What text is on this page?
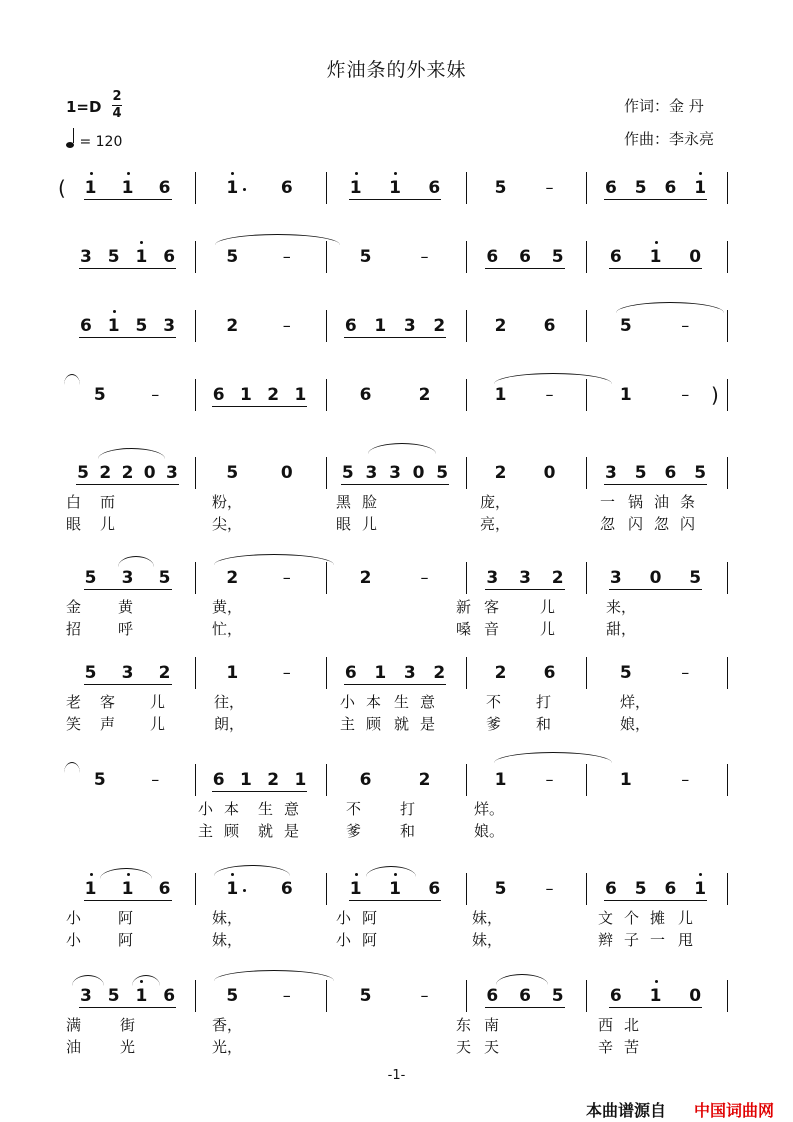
炸油条的外来妹
1=D
2
4
= 120
作词：金 丹
作曲：李永亮
1 1 6	1	6	1 1 6	5 –	6 5 6 1
3 5 1 6	5	–	5	–	6 6 5	6 1 0
6 1 5 3	2	–	6 1 3 2	2 6	5	–
5	–	6 1 2 1	6	2	1 –	1	–
5 2 2 0 3	5	0	5 3 3 0 5	2 0	3 5 6 5
5 3 5	2	–	2	–	3 3 2	3 0 5
5 3 2	1	–	6 1 3 2	2 6	5	–
5	–	6 1 2 1	6	2	1 –	1	–
1 1 6	1	6	1 1 6	5 –	6 5 6 1
3 5 1 6	5	–	5	–	6 6 5	6 1 0
(
)
白 而	粉，	黑 脸	庞，	一 锅 油 条
眼 儿	尖，	眼 儿	亮，	忽 闪 忽 闪
金 黄	黄，	新 客	儿	来，
招 呼	忙，	嗓 音	儿	甜，
老 客 儿	往，	小 本 生 意	不 打	烊，
笑 声 儿	朗，	主 顾 就 是	爹 和	娘，
小 本 生 意	不	打	烊。
主 顾 就 是	爹	和	娘。
小 阿	妹，	小 阿	妹，	文 个 摊 儿
小 阿	妹，	小 阿	妹，	辫 子 一 甩
满	街	香，	东 南	西 北
油	光	光，	天 天	辛 苦
-1-
本曲谱源自 中国词曲网
